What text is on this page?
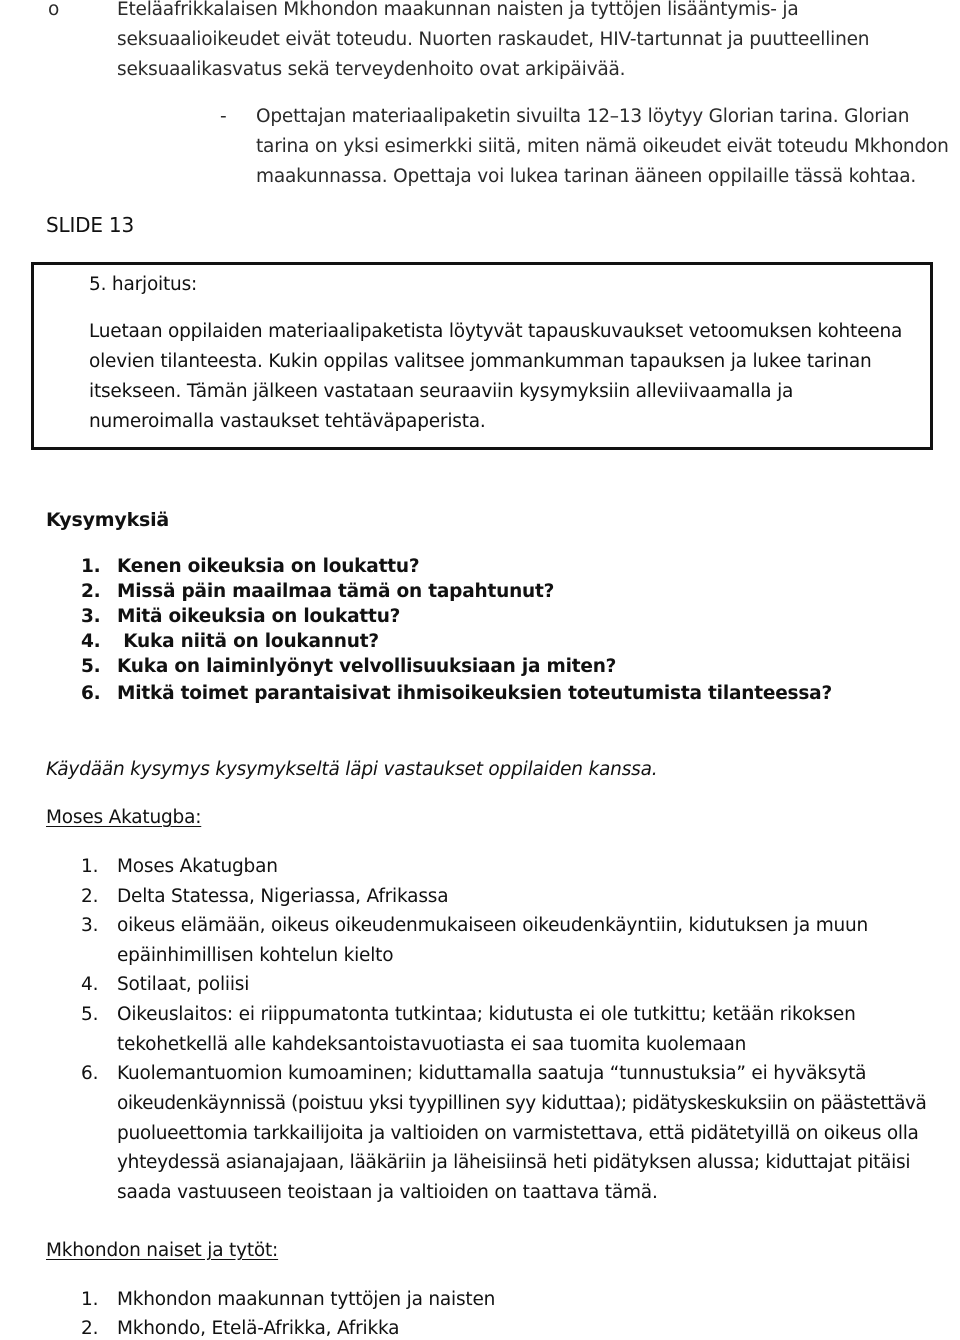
o	Eteläafrikkalaisen Mkhondon maakunnan naisten ja tyttöjen lisääntymis- ja
seksuaalioikeudet eivät toteudu. Nuorten raskaudet, HIV-tartunnat ja puutteellinen
seksuaalikasvatus sekä terveydenhoito ovat arkipäivää.
- Opettajan materiaalipaketin sivuilta 12–13 löytyy Glorian tarina. Glorian
tarina on yksi esimerkki siitä, miten nämä oikeudet eivät toteudu Mkhondon
maakunnassa. Opettaja voi lukea tarinan ääneen oppilaille tässä kohtaa.
SLIDE 13
5. harjoitus:
Luetaan oppilaiden materiaalipaketista löytyvät tapauskuvaukset vetoomuksen kohteena
olevien tilanteesta. Kukin oppilas valitsee jommankumman tapauksen ja lukee tarinan
itsekseen. Tämän jälkeen vastataan seuraaviin kysymyksiin alleviivaamalla ja
numeroimalla vastaukset tehtäväpaperista.
Kysymyksiä
1. Kenen oikeuksia on loukattu?
2. Missä päin maailmaa tämä on tapahtunut?
3. Mitä oikeuksia on loukattu?
4. Kuka niitä on loukannut?
5. Kuka on laiminlyönyt velvollisuuksiaan ja miten?
6. Mitkä toimet parantaisivat ihmisoikeuksien toteutumista tilanteessa?
Käydään kysymys kysymykseltä läpi vastaukset oppilaiden kanssa.
Moses Akatugba:
1. Moses Akatugban
2. Delta Statessa, Nigeriassa, Afrikassa
3. oikeus elämään, oikeus oikeudenmukaiseen oikeudenkäyntiin, kidutuksen ja muun
epäinhimillisen kohtelun kielto
4. Sotilaat, poliisi
5. Oikeuslaitos: ei riippumatonta tutkintaa; kidutusta ei ole tutkittu; ketään rikoksen
tekohetkellä alle kahdeksantoistavuotiasta ei saa tuomita kuolemaan
6. Kuolemantuomion kumoaminen; kiduttamalla saatuja “tunnustuksia” ei hyväksytä
oikeudenkäynnissä (poistuu yksi tyypillinen syy kiduttaa); pidätyskeskuksiin on päästettävä
puolueettomia tarkkailijoita ja valtioiden on varmistettava, että pidätetyillä on oikeus olla
yhteydessä asianajajaan, lääkäriin ja läheisiinsä heti pidätyksen alussa; kiduttajat pitäisi
saada vastuuseen teoistaan ja valtioiden on taattava tämä.
Mkhondon naiset ja tytöt:
1. Mkhondon maakunnan tyttöjen ja naisten
2. Mkhondo, Etelä-Afrikka, Afrikka
